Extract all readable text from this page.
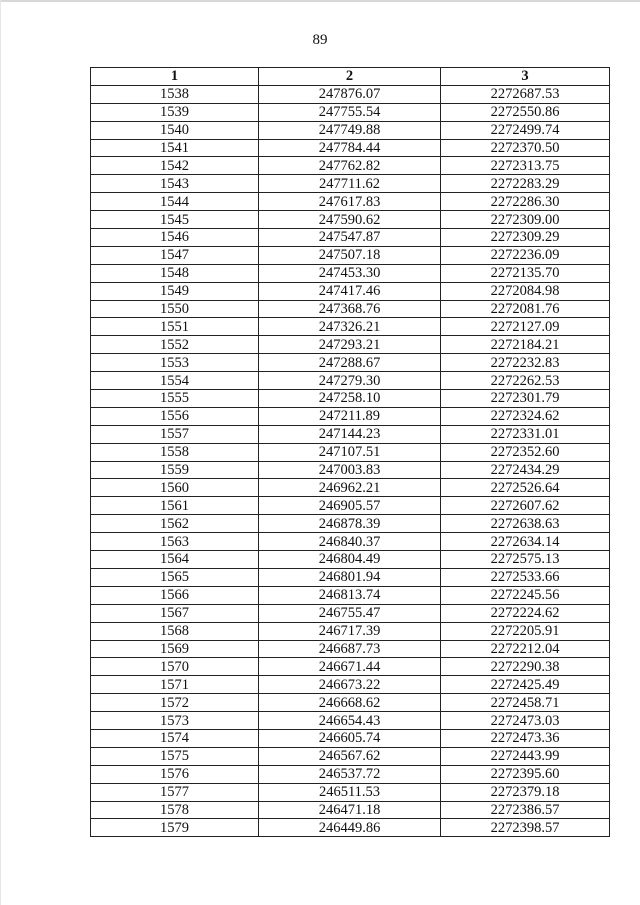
89
1	2	3
1538	247876.07	2272687.53
1539	247755.54	2272550.86
1540	247749.88	2272499.74
1541	247784.44	2272370.50
1542	247762.82	2272313.75
1543	247711.62	2272283.29
1544	247617.83	2272286.30
1545	247590.62	2272309.00
1546	247547.87	2272309.29
1547	247507.18	2272236.09
1548	247453.30	2272135.70
1549	247417.46	2272084.98
1550	247368.76	2272081.76
1551	247326.21	2272127.09
1552	247293.21	2272184.21
1553	247288.67	2272232.83
1554	247279.30	2272262.53
1555	247258.10	2272301.79
1556	247211.89	2272324.62
1557	247144.23	2272331.01
1558	247107.51	2272352.60
1559	247003.83	2272434.29
1560	246962.21	2272526.64
1561	246905.57	2272607.62
1562	246878.39	2272638.63
1563	246840.37	2272634.14
1564	246804.49	2272575.13
1565	246801.94	2272533.66
1566	246813.74	2272245.56
1567	246755.47	2272224.62
1568	246717.39	2272205.91
1569	246687.73	2272212.04
1570	246671.44	2272290.38
1571	246673.22	2272425.49
1572	246668.62	2272458.71
1573	246654.43	2272473.03
1574	246605.74	2272473.36
1575	246567.62	2272443.99
1576	246537.72	2272395.60
1577	246511.53	2272379.18
1578	246471.18	2272386.57
1579	246449.86	2272398.57
